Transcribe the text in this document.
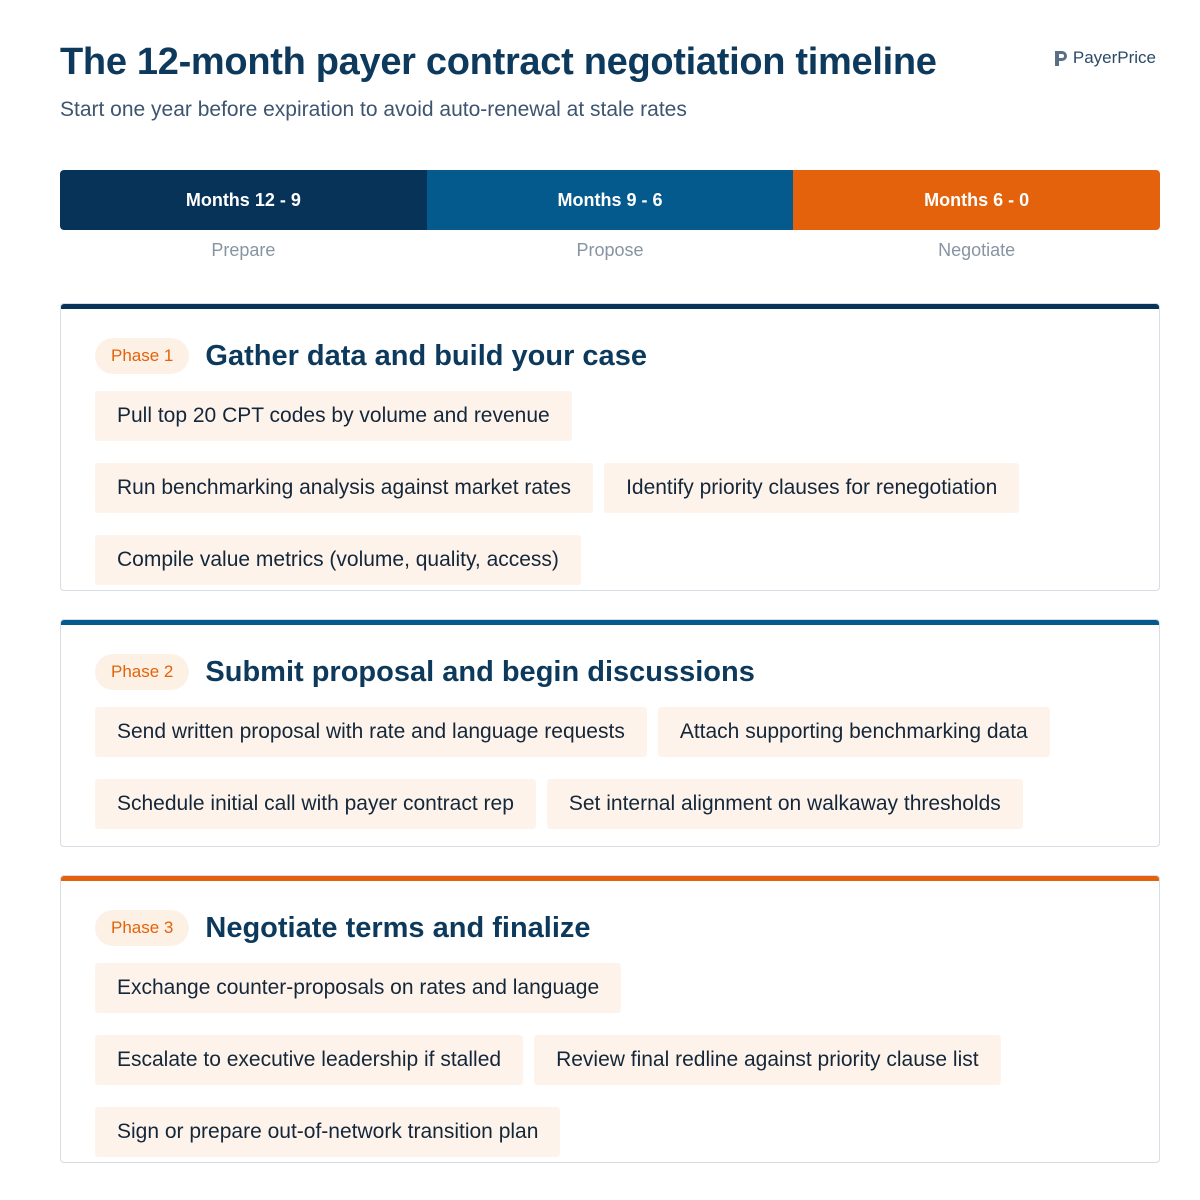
The 12-month payer contract negotiation timeline
Start one year before expiration to avoid auto-renewal at stale rates
PayerPrice
Months 12 - 9	Months 9 - 6	Months 6 - 0
Prepare	Propose	Negotiate
Phase 1	Gather data and build your case
Pull top 20 CPT codes by volume and revenue
Run benchmarking analysis against market rates	Identify priority clauses for renegotiation
Compile value metrics (volume, quality, access)
Phase 2	Submit proposal and begin discussions
Send written proposal with rate and language requests	Attach supporting benchmarking data
Schedule initial call with payer contract rep	Set internal alignment on walkaway thresholds
Phase 3	Negotiate terms and finalize
Exchange counter-proposals on rates and language
Escalate to executive leadership if stalled	Review final redline against priority clause list
Sign or prepare out-of-network transition plan
